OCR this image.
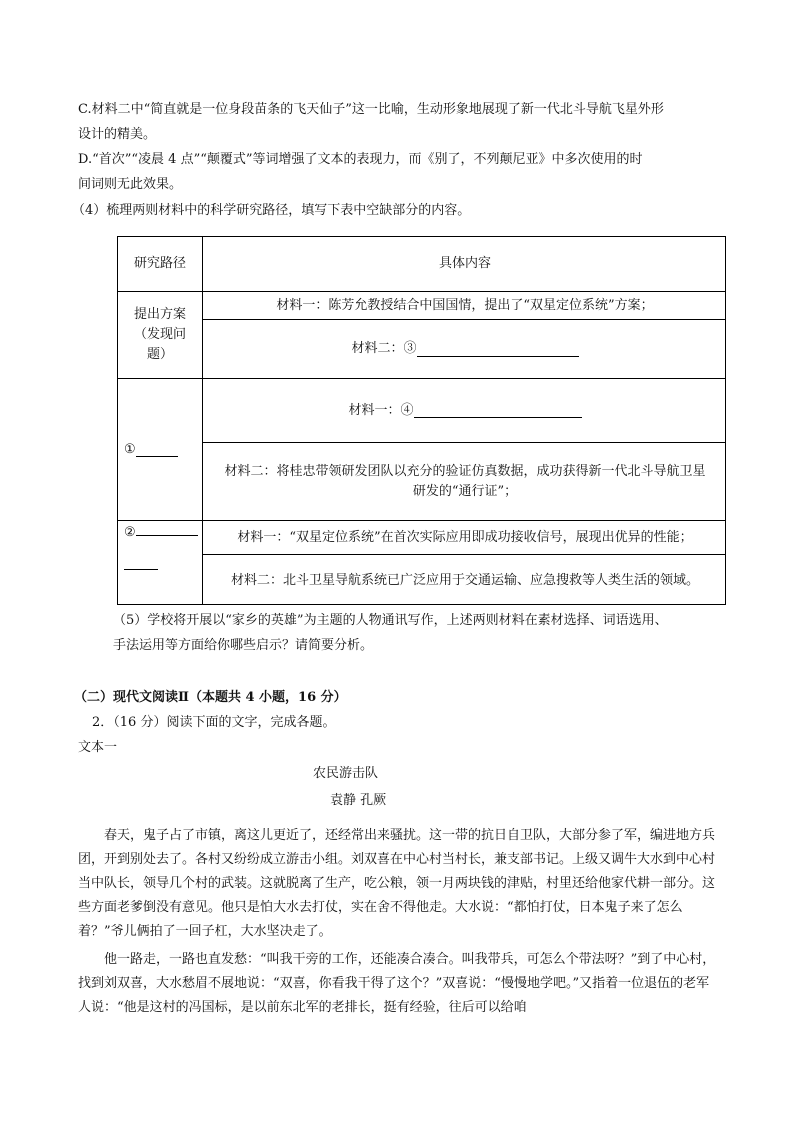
C.材料二中“简直就是一位身段苗条的飞天仙子”这一比喻，生动形象地展现了新一代北斗导航飞星外形
设计的精美。
D.“首次”“凌晨 4 点”“颠覆式”等词增强了文本的表现力，而《别了，不列颠尼亚》中多次使用的时
间词则无此效果。
（4）梳理两则材料中的科学研究路径，填写下表中空缺部分的内容。
研究路径	具体内容
提出方案
（发现问
题）
材料一：陈芳允教授结合中国国情，提出了“双星定位系统”方案；
材料二：③
①
材料一：④
材料二：将桂忠带领研发团队以充分的验证仿真数据，成功获得新一代北斗导航卫星
研发的“通行证”；
②	材料一：“双星定位系统”在首次实际应用即成功接收信号，展现出优异的性能；
材料二：北斗卫星导航系统已广泛应用于交通运输、应急搜救等人类生活的领域。
（5）学校将开展以“家乡的英雄”为主题的人物通讯写作，上述两则材料在素材选择、词语选用、
手法运用等方面给你哪些启示？请简要分析。
（二）现代文阅读Ⅱ（本题共 4 小题，16 分）
2．（16 分）阅读下面的文字，完成各题。
文本一
农民游击队
袁静 孔厥

春天，鬼子占了市镇，离这儿更近了，还经常出来骚扰。这一带的抗日自卫队，大部分参了军，编进地方兵团，开到别处去了。各村又纷纷成立游击小组。刘双喜在中心村当村长，兼支部书记。上级又调牛大水到中心村当中队长，领导几个村的武装。这就脱离了生产，吃公粮，领一月两块钱的津贴，村里还给他家代耕一部分。这些方面老爹倒没有意见。他只是怕大水去打仗，实在舍不得他走。大水说：“都怕打仗，日本鬼子来了怎么着？”爷儿俩拍了一回子杠，大水坚决走了。

他一路走，一路也直发愁：“叫我干旁的工作，还能凑合凑合。叫我带兵，可怎么个带法呀？”到了中心村，找到刘双喜，大水愁眉不展地说：“双喜，你看我干得了这个？”双喜说：“慢慢地学吧。”又指着一位退伍的老军人说：“他是这村的冯国标，是以前东北军的老排长，挺有经验，往后可以给咱
